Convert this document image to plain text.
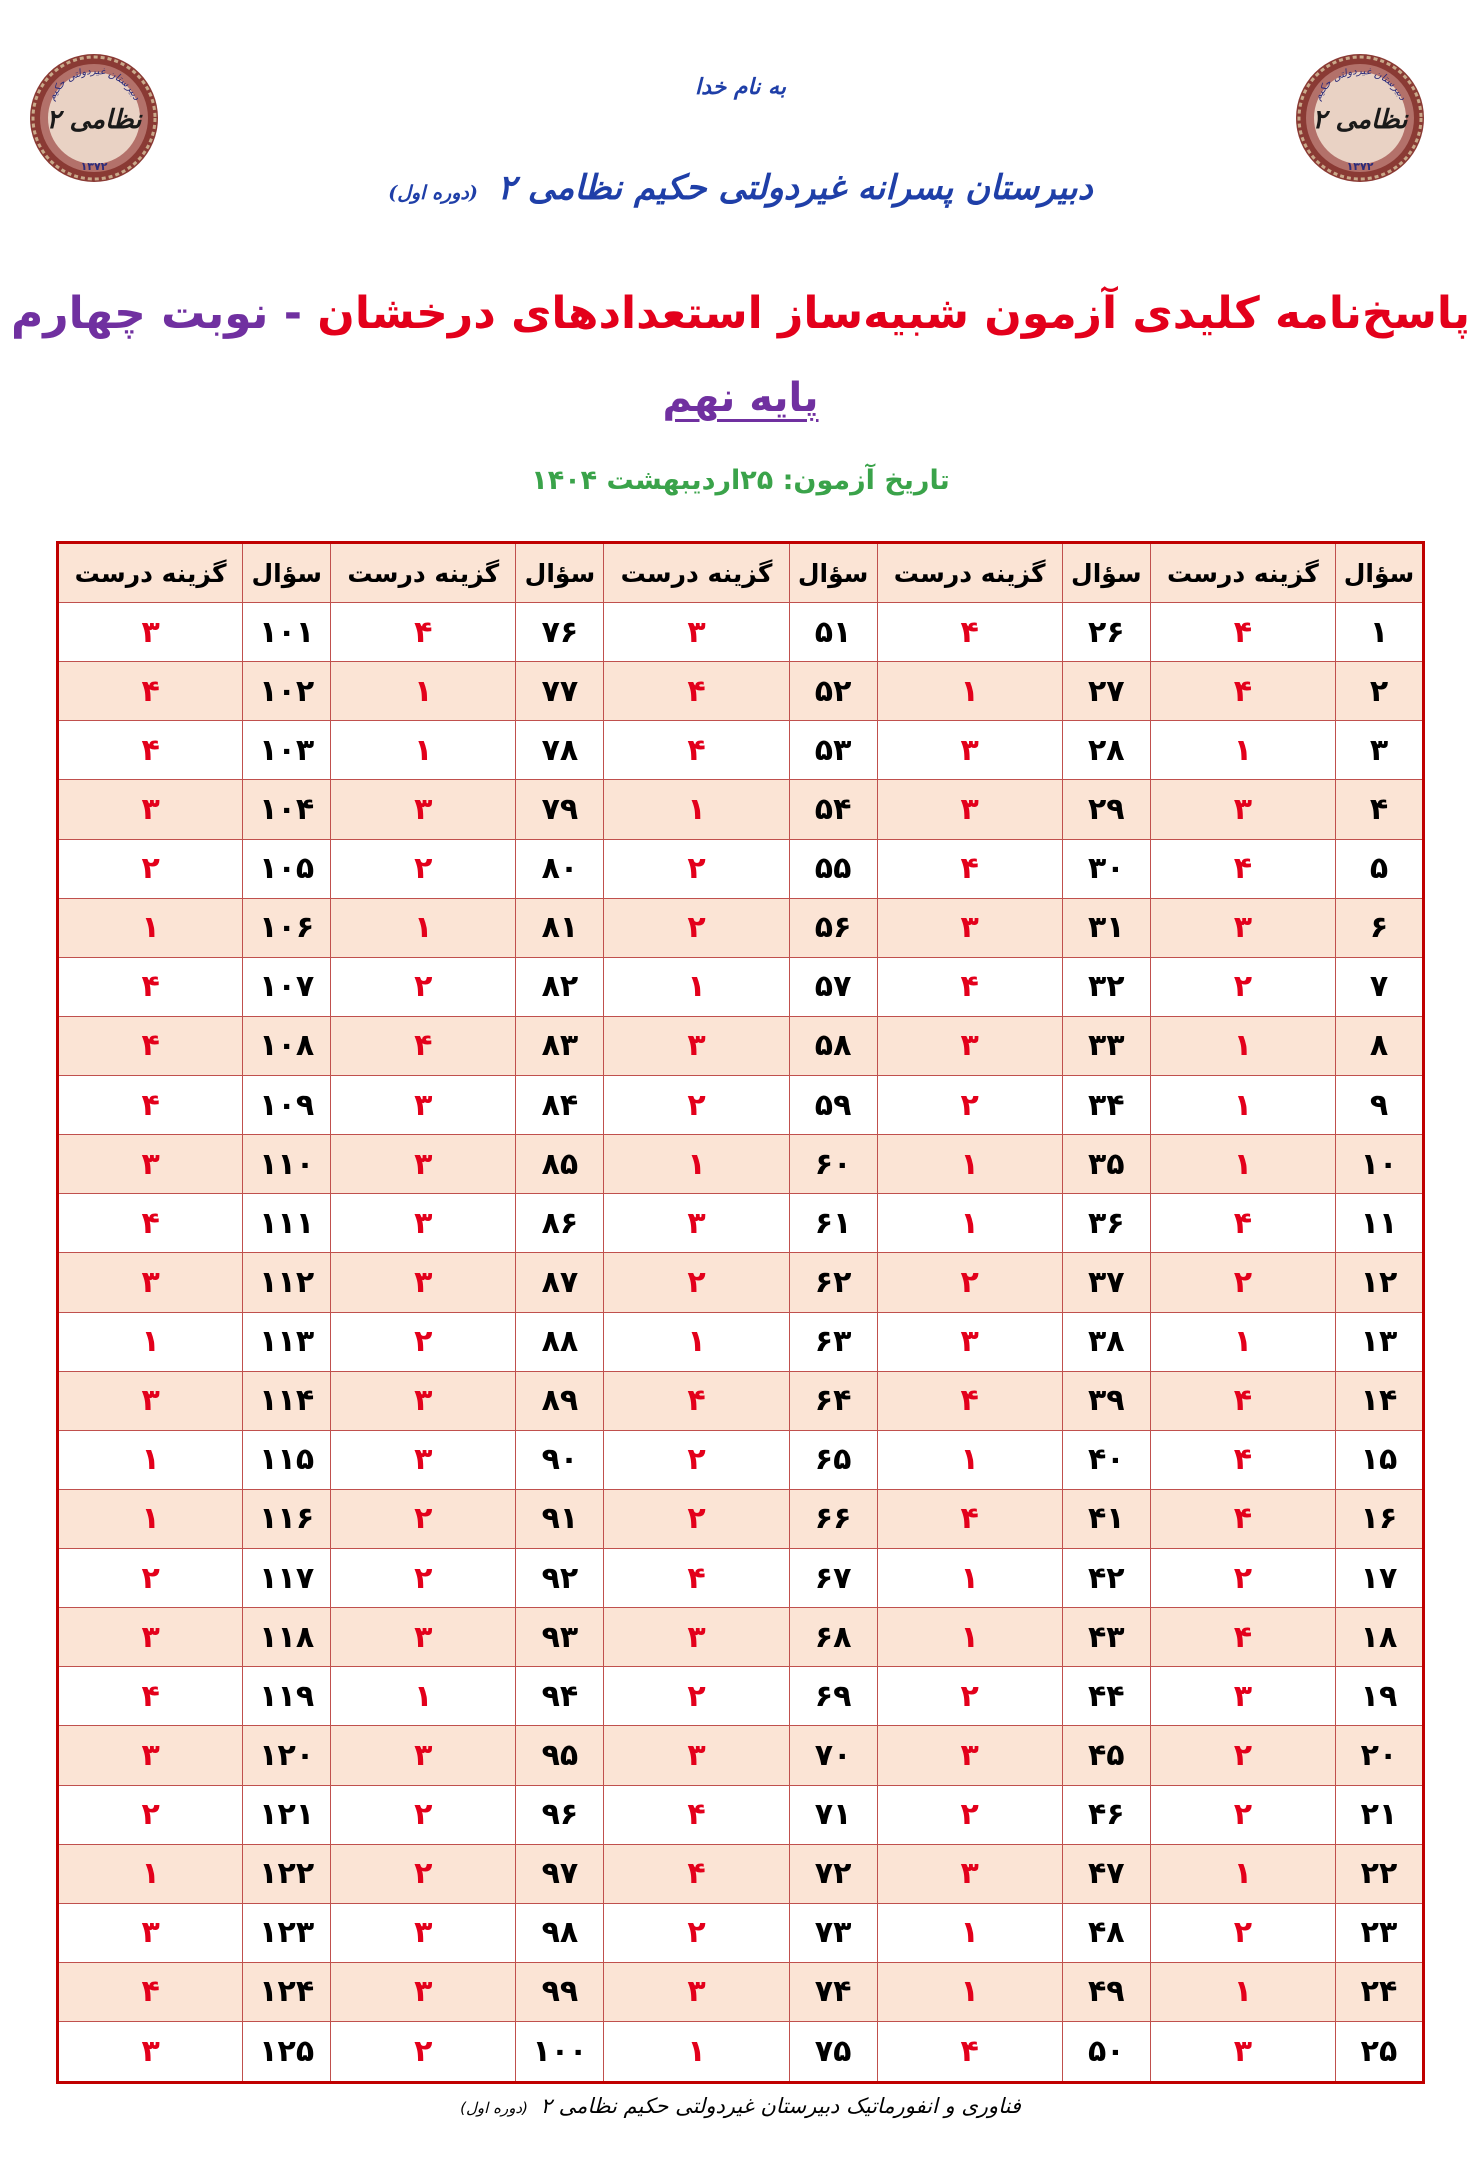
دبیرستان غیردولتی حکیم
نظامی ۲
۱۳۷۲
دبیرستان غیردولتی حکیم
نظامی ۲
۱۳۷۲
به نام خدا
دبیرستان پسرانه غیردولتی حکیم نظامی ۲ (دوره اول)
پاسخ‌نامه کلیدی آزمون شبیه‌ساز استعدادهای درخشان - نوبت چهارم
پایه نهم
تاریخ آزمون: ۲۵اردیبهشت ۱۴۰۴
سؤال	گزینه درست	سؤال	گزینه درست	سؤال	گزینه درست	سؤال	گزینه درست	سؤال	گزینه درست
۱	۴	۲۶	۴	۵۱	۳	۷۶	۴	۱۰۱	۳
۲	۴	۲۷	۱	۵۲	۴	۷۷	۱	۱۰۲	۴
۳	۱	۲۸	۳	۵۳	۴	۷۸	۱	۱۰۳	۴
۴	۳	۲۹	۳	۵۴	۱	۷۹	۳	۱۰۴	۳
۵	۴	۳۰	۴	۵۵	۲	۸۰	۲	۱۰۵	۲
۶	۳	۳۱	۳	۵۶	۲	۸۱	۱	۱۰۶	۱
۷	۲	۳۲	۴	۵۷	۱	۸۲	۲	۱۰۷	۴
۸	۱	۳۳	۳	۵۸	۳	۸۳	۴	۱۰۸	۴
۹	۱	۳۴	۲	۵۹	۲	۸۴	۳	۱۰۹	۴
۱۰	۱	۳۵	۱	۶۰	۱	۸۵	۳	۱۱۰	۳
۱۱	۴	۳۶	۱	۶۱	۳	۸۶	۳	۱۱۱	۴
۱۲	۲	۳۷	۲	۶۲	۲	۸۷	۳	۱۱۲	۳
۱۳	۱	۳۸	۳	۶۳	۱	۸۸	۲	۱۱۳	۱
۱۴	۴	۳۹	۴	۶۴	۴	۸۹	۳	۱۱۴	۳
۱۵	۴	۴۰	۱	۶۵	۲	۹۰	۳	۱۱۵	۱
۱۶	۴	۴۱	۴	۶۶	۲	۹۱	۲	۱۱۶	۱
۱۷	۲	۴۲	۱	۶۷	۴	۹۲	۲	۱۱۷	۲
۱۸	۴	۴۳	۱	۶۸	۳	۹۳	۳	۱۱۸	۳
۱۹	۳	۴۴	۲	۶۹	۲	۹۴	۱	۱۱۹	۴
۲۰	۲	۴۵	۳	۷۰	۳	۹۵	۳	۱۲۰	۳
۲۱	۲	۴۶	۲	۷۱	۴	۹۶	۲	۱۲۱	۲
۲۲	۱	۴۷	۳	۷۲	۴	۹۷	۲	۱۲۲	۱
۲۳	۲	۴۸	۱	۷۳	۲	۹۸	۳	۱۲۳	۳
۲۴	۱	۴۹	۱	۷۴	۳	۹۹	۳	۱۲۴	۴
۲۵	۳	۵۰	۴	۷۵	۱	۱۰۰	۲	۱۲۵	۳
فناوری و انفورماتیک دبیرستان غیردولتی حکیم نظامی ۲ (دوره اول)
